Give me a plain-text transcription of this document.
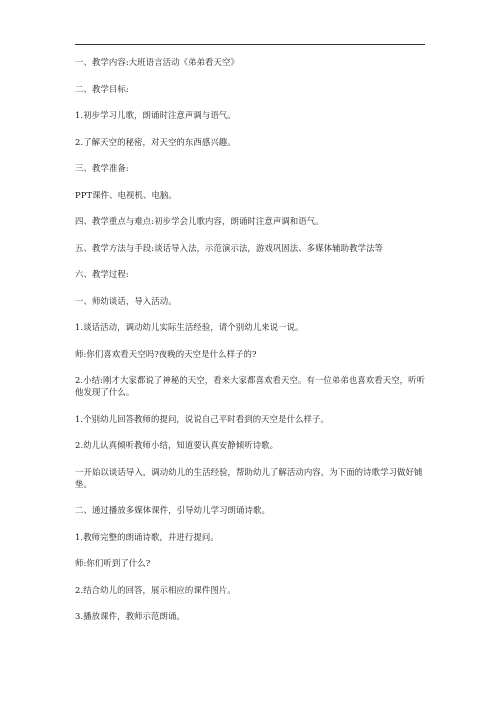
一、教学内容:大班语言活动《弟弟看天空》

二、教学目标:

1.初步学习儿歌，朗诵时注意声调与语气。

2.了解天空的秘密，对天空的东西感兴趣。

三、教学准备:

PPT课件、电视机、电脑。

四、教学重点与难点:初步学会儿歌内容，朗诵时注意声调和语气。

五、教学方法与手段:谈话导入法，示范演示法，游戏巩固法、多媒体辅助教学法等

六、教学过程:

一、师幼谈话，导入活动。

1.谈话活动，调动幼儿实际生活经验，请个别幼儿来说一说。

师:你们喜欢看天空吗?夜晚的天空是什么样子的?

2.小结:刚才大家都说了神秘的天空，看来大家都喜欢看天空。有一位弟弟也喜欢看天空，听听他发现了什么。

1.个别幼儿回答教师的提问，说说自己平时看到的天空是什么样子。

2.幼儿认真倾听教师小结，知道要认真安静倾听诗歌。

一开始以谈话导入，调动幼儿的生活经验，帮助幼儿了解活动内容，为下面的诗歌学习做好铺垫。

二、通过播放多媒体课件，引导幼儿学习朗诵诗歌。

1.教师完整的朗诵诗歌，并进行提问。

师:你们听到了什么?

2.结合幼儿的回答，展示相应的课件图片。

3.播放课件，教师示范朗诵。
